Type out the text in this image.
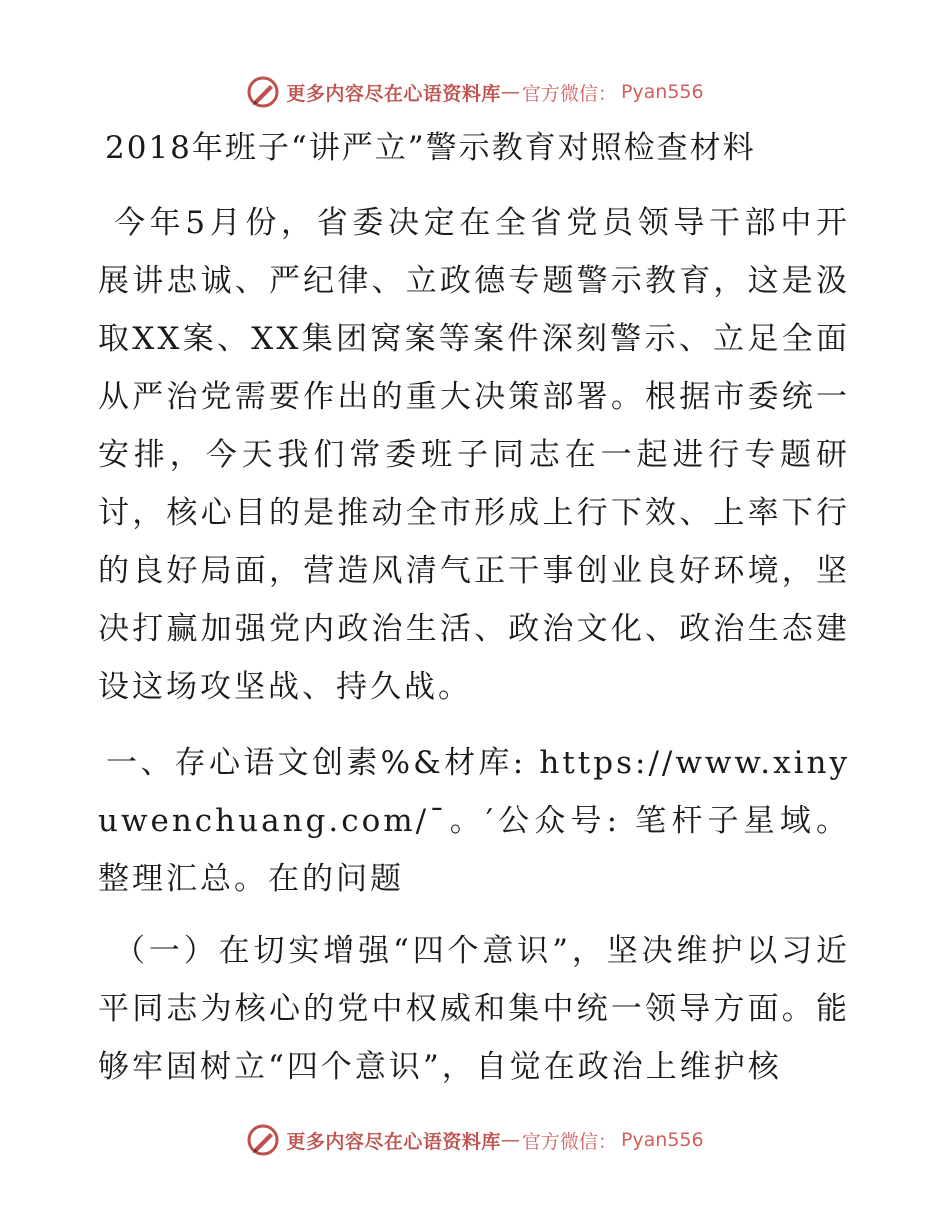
更多内容尽在心语资料库 — 官方微信： Pyan556
2018年班子“讲严立”警示教育对照检查材料

今年5月份，省委决定在全省党员领导干部中开展讲忠诚、严纪律、立政德专题警示教育，这是汲取XX案、XX集团窝案等案件深刻警示、立足全面从严治党需要作出的重大决策部署。根据市委统一安排，今天我们常委班子同志在一起进行专题研讨，核心目的是推动全市形成上行下效、上率下行的良好局面，营造风清气正干事创业良好环境，坚决打赢加强党内政治生活、政治文化、政治生态建设这场攻坚战、持久战。

一、存心语文创素%&材库: https://www.xinyuwenchuang.com/¯。′公众号: 笔杆子星域。整理汇总。在的问题

（一）在切实增强“四个意识”，坚决维护以习近平同志为核心的党中权威和集中统一领导方面。能够牢固树立“四个意识”，自觉在政治上维护核

更多内容尽在心语资料库 — 官方微信： Pyan556
